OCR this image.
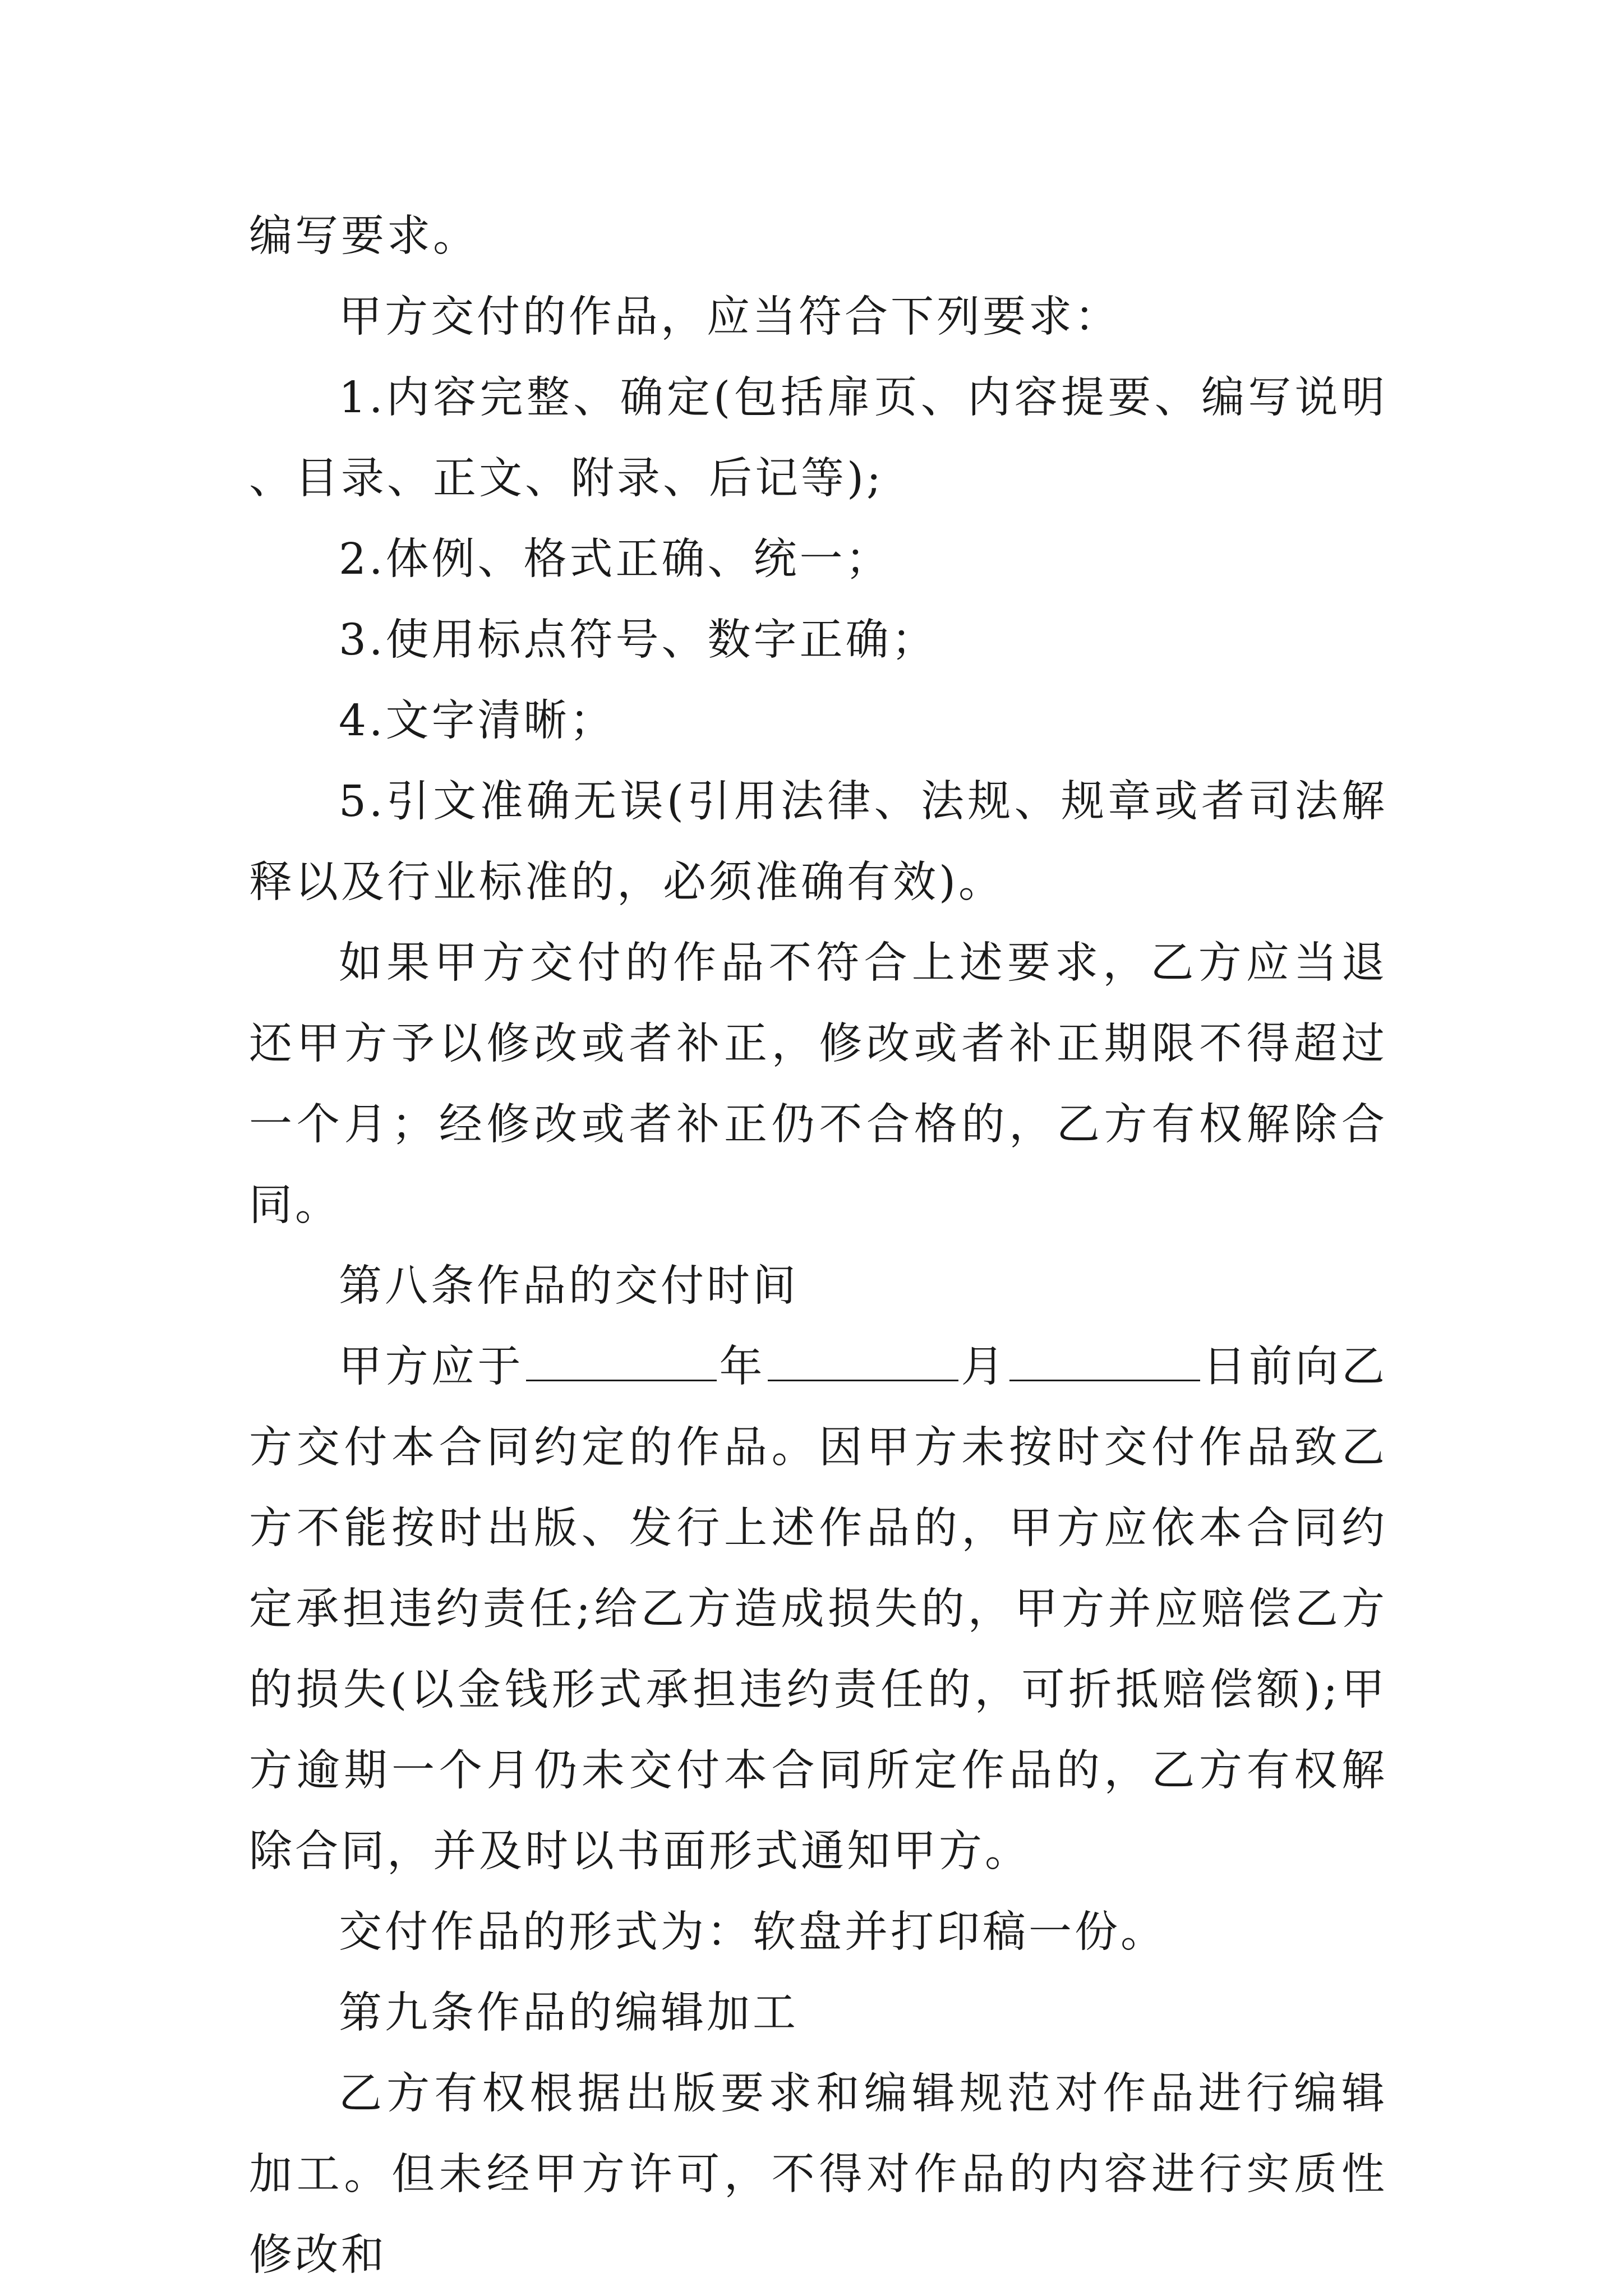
编写要求。

甲方交付的作品，应当符合下列要求：

1.内容完整、确定(包括扉页、内容提要、编写说明、目录、正文、附录、后记等);

2.体例、格式正确、统一；

3.使用标点符号、数字正确；

4.文字清晰；

5.引文准确无误(引用法律、法规、规章或者司法解释以及行业标准的，必须准确有效)。

如果甲方交付的作品不符合上述要求，乙方应当退还甲方予以修改或者补正，修改或者补正期限不得超过一个月；经修改或者补正仍不合格的，乙方有权解除合同。

第八条作品的交付时间

甲方应于	年	月	日前向乙方交付本合同约定的作品。因甲方未按时交付作品致乙方不能按时出版、发行上述作品的，甲方应依本合同约定承担违约责任;给乙方造成损失的，甲方并应赔偿乙方的损失(以金钱形式承担违约责任的，可折抵赔偿额);甲方逾期一个月仍未交付本合同所定作品的，乙方有权解除合同，并及时以书面形式通知甲方。

交付作品的形式为：软盘并打印稿一份。

第九条作品的编辑加工

乙方有权根据出版要求和编辑规范对作品进行编辑加工。但未经甲方许可，不得对作品的内容进行实质性修改和
